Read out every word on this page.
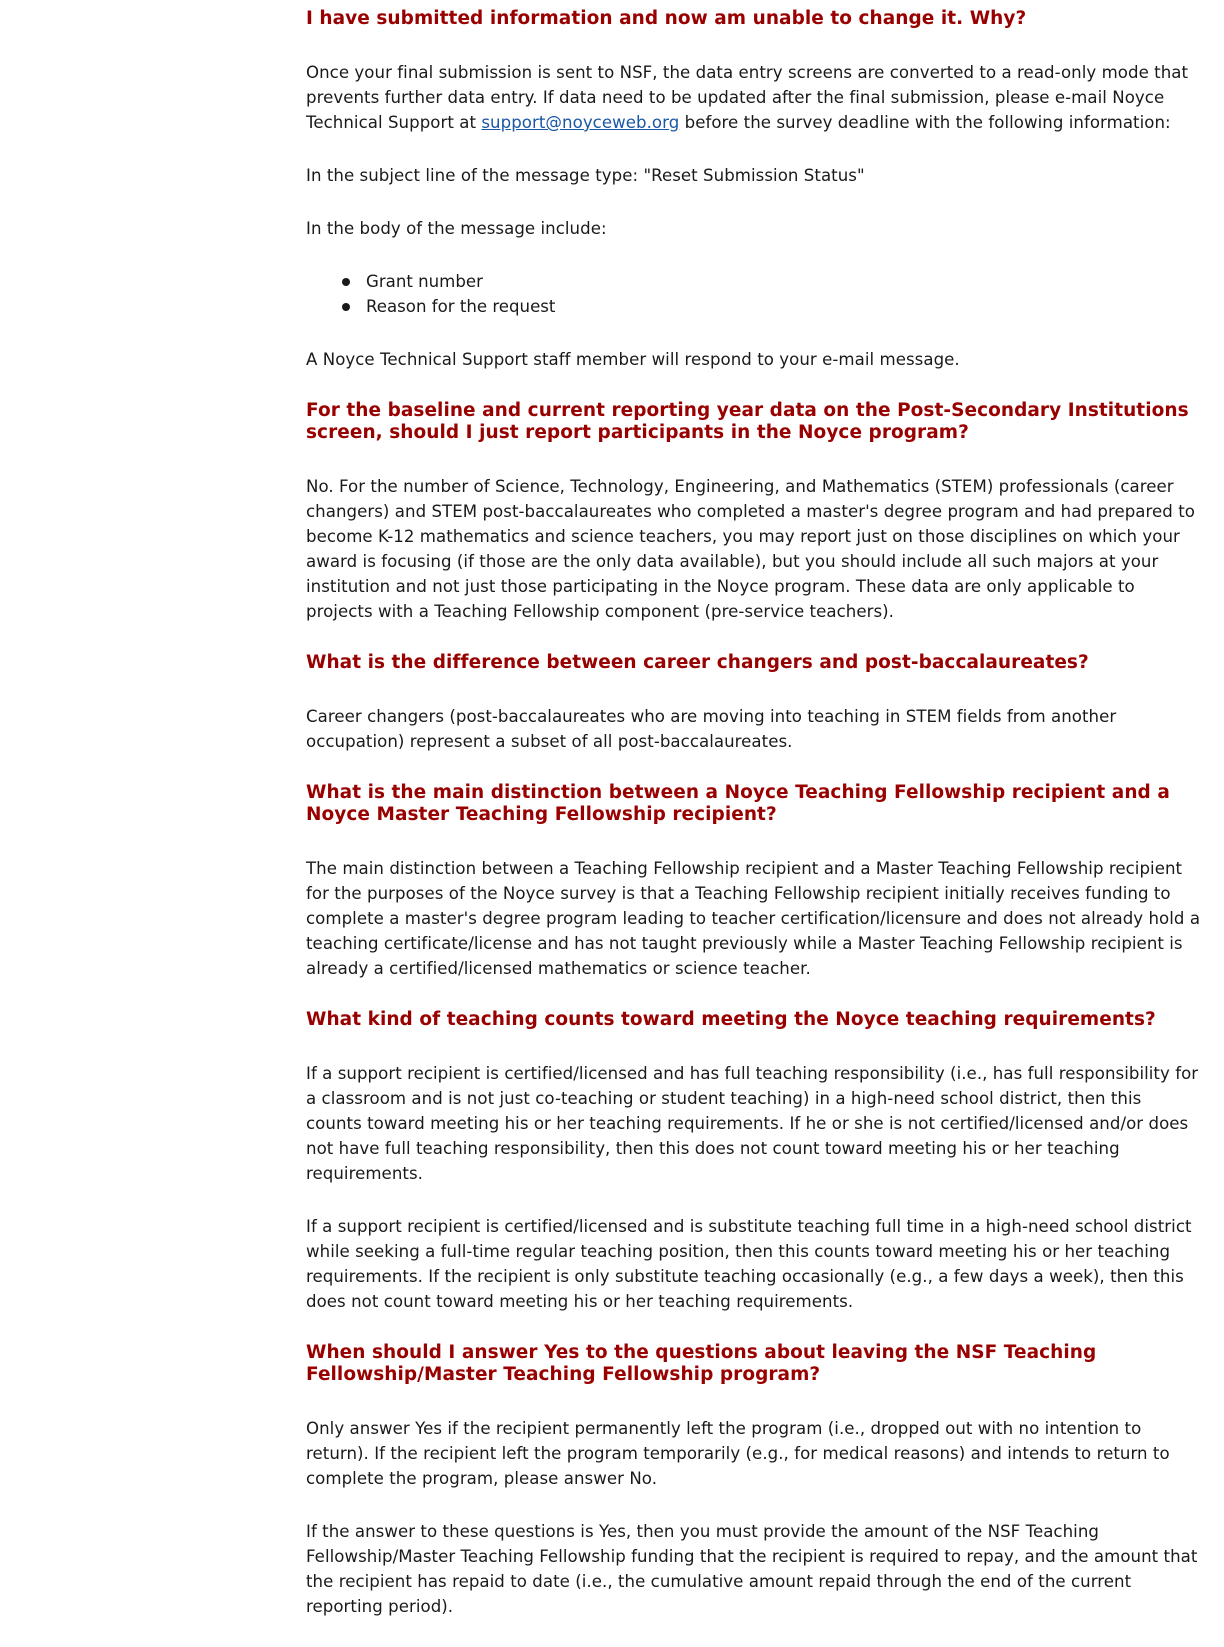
I have submitted information and now am unable to change it. Why?

Once your final submission is sent to NSF, the data entry screens are converted to a read-only mode that prevents further data entry. If data need to be updated after the final submission, please e-mail Noyce Technical Support at support@noyceweb.org before the survey deadline with the following information:

In the subject line of the message type: "Reset Submission Status"

In the body of the message include:

Grant number
Reason for the request

A Noyce Technical Support staff member will respond to your e-mail message.

For the baseline and current reporting year data on the Post-Secondary Institutions screen, should I just report participants in the Noyce program?

No. For the number of Science, Technology, Engineering, and Mathematics (STEM) professionals (career changers) and STEM post-baccalaureates who completed a master's degree program and had prepared to become K-12 mathematics and science teachers, you may report just on those disciplines on which your award is focusing (if those are the only data available), but you should include all such majors at your institution and not just those participating in the Noyce program. These data are only applicable to projects with a Teaching Fellowship component (pre-service teachers).

What is the difference between career changers and post-baccalaureates?

Career changers (post-baccalaureates who are moving into teaching in STEM fields from another occupation) represent a subset of all post-baccalaureates.

What is the main distinction between a Noyce Teaching Fellowship recipient and a Noyce Master Teaching Fellowship recipient?

The main distinction between a Teaching Fellowship recipient and a Master Teaching Fellowship recipient for the purposes of the Noyce survey is that a Teaching Fellowship recipient initially receives funding to complete a master's degree program leading to teacher certification/licensure and does not already hold a teaching certificate/license and has not taught previously while a Master Teaching Fellowship recipient is already a certified/licensed mathematics or science teacher.

What kind of teaching counts toward meeting the Noyce teaching requirements?

If a support recipient is certified/licensed and has full teaching responsibility (i.e., has full responsibility for a classroom and is not just co-teaching or student teaching) in a high-need school district, then this counts toward meeting his or her teaching requirements. If he or she is not certified/licensed and/or does not have full teaching responsibility, then this does not count toward meeting his or her teaching requirements.

If a support recipient is certified/licensed and is substitute teaching full time in a high-need school district while seeking a full-time regular teaching position, then this counts toward meeting his or her teaching requirements. If the recipient is only substitute teaching occasionally (e.g., a few days a week), then this does not count toward meeting his or her teaching requirements.

When should I answer Yes to the questions about leaving the NSF Teaching Fellowship/Master Teaching Fellowship program?

Only answer Yes if the recipient permanently left the program (i.e., dropped out with no intention to return). If the recipient left the program temporarily (e.g., for medical reasons) and intends to return to complete the program, please answer No.

If the answer to these questions is Yes, then you must provide the amount of the NSF Teaching Fellowship/Master Teaching Fellowship funding that the recipient is required to repay, and the amount that the recipient has repaid to date (i.e., the cumulative amount repaid through the end of the current reporting period).
